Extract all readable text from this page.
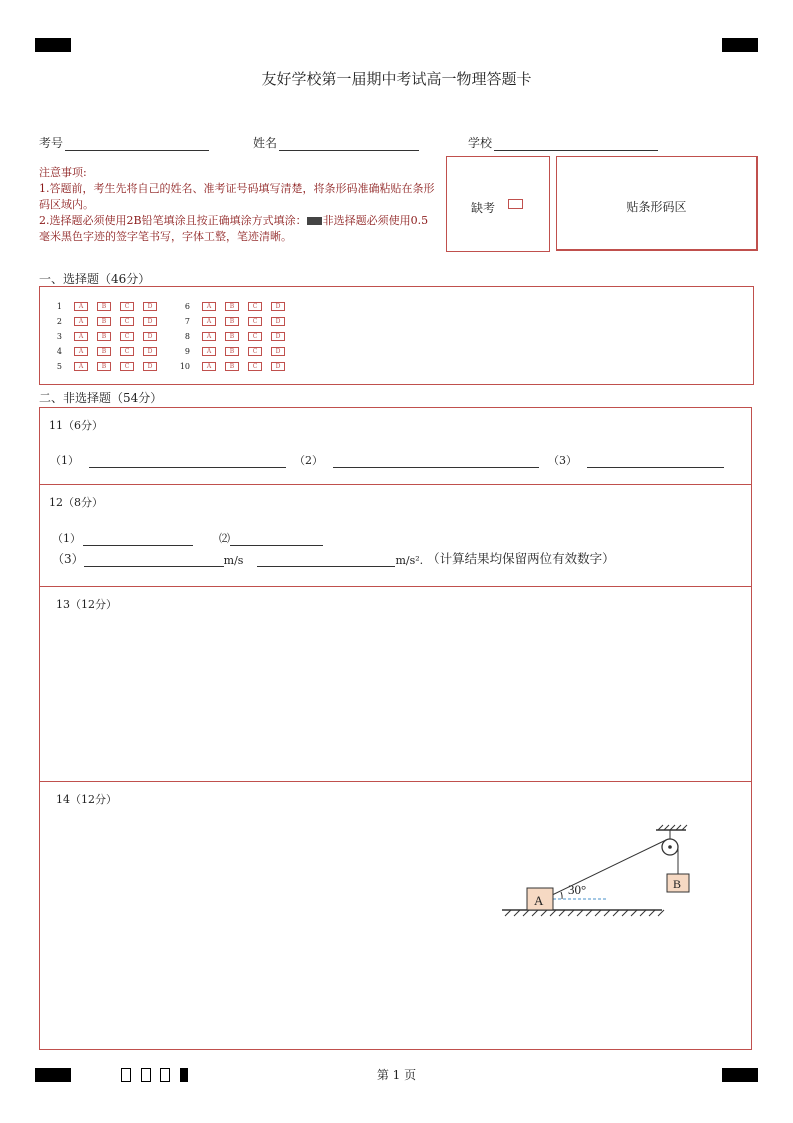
友好学校第一届期中考试高一物理答题卡
考号	姓名	学校
注意事项:
1.答题前，考生先将自己的姓名、准考证号码填写清楚，将条形码准确粘贴在条形码区域内。
2.选择题必须使用2B铅笔填涂且按正确填涂方式填涂： 非选择题必须使用0.5毫米黑色字迹的签字笔书写，字体工整，笔迹清晰。
缺考	贴条形码区
一、选择题（46分）
1	A	B	C	D
2	A	B	C	D
3	A	B	C	D
4	A	B	C	D
5	A	B	C	D
6	A	B	C	D
7	A	B	C	D
8	A	B	C	D
9	A	B	C	D
10	A	B	C	D
二、非选择题（54分）
11（6分）
（1）	（2）	（3）
12（8分）
（1）	⑵
（3）	m/s	m/s². （计算结果均保留两位有效数字）
13（12分）
14（12分）
A
B
30°
第 1 页
